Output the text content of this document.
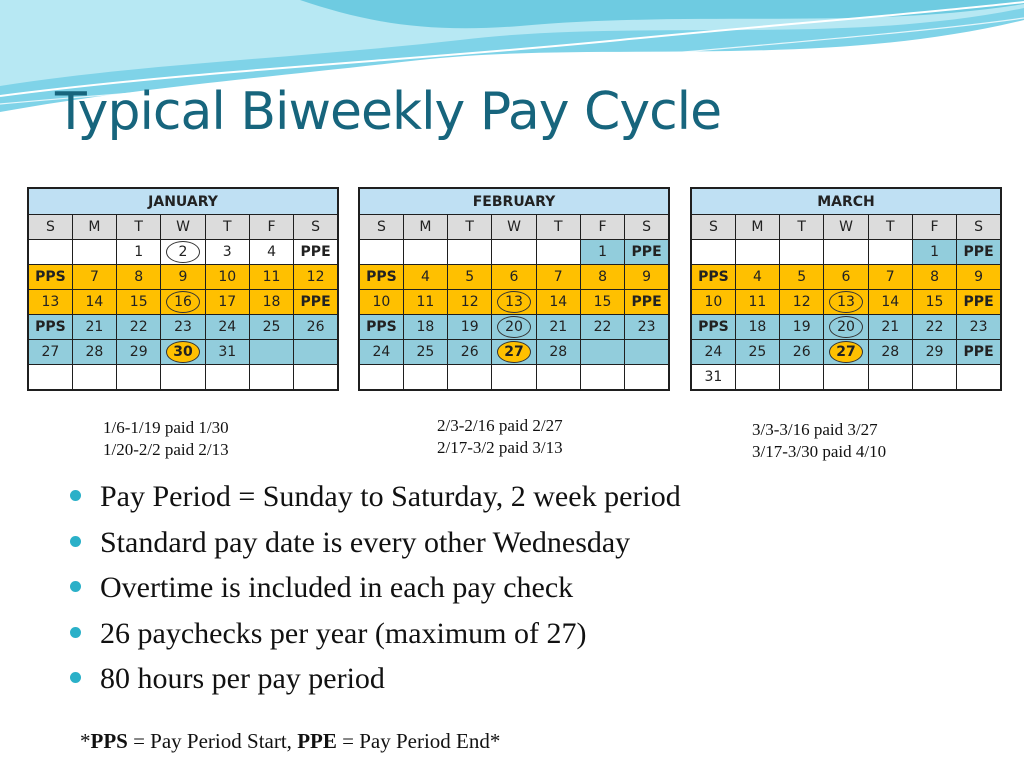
Typical Biweekly Pay Cycle
JANUARY						
S	M	T	W	T	F	S
		1	2	3	4	PPE
PPS	7	8	9	10	11	12
13	14	15	16	17	18	PPE
PPS	21	22	23	24	25	26
27	28	29	30	31		

FEBRUARY						
S	M	T	W	T	F	S
					1	PPE
PPS	4	5	6	7	8	9
10	11	12	13	14	15	PPE
PPS	18	19	20	21	22	23
24	25	26	27	28		

MARCH						
S	M	T	W	T	F	S
					1	PPE
PPS	4	5	6	7	8	9
10	11	12	13	14	15	PPE
PPS	18	19	20	21	22	23
24	25	26	27	28	29	PPE
31						
1/6-1/19 paid 1/30
1/20-2/2 paid 2/13
2/3-2/16 paid 2/27
2/17-3/2 paid 3/13
3/3-3/16 paid 3/27
3/17-3/30 paid 4/10
Pay Period = Sunday to Saturday, 2 week period
Standard pay date is every other Wednesday
Overtime is included in each pay check
26 paychecks per year (maximum of 27)
80 hours per pay period
*PPS = Pay Period Start, PPE = Pay Period End*
